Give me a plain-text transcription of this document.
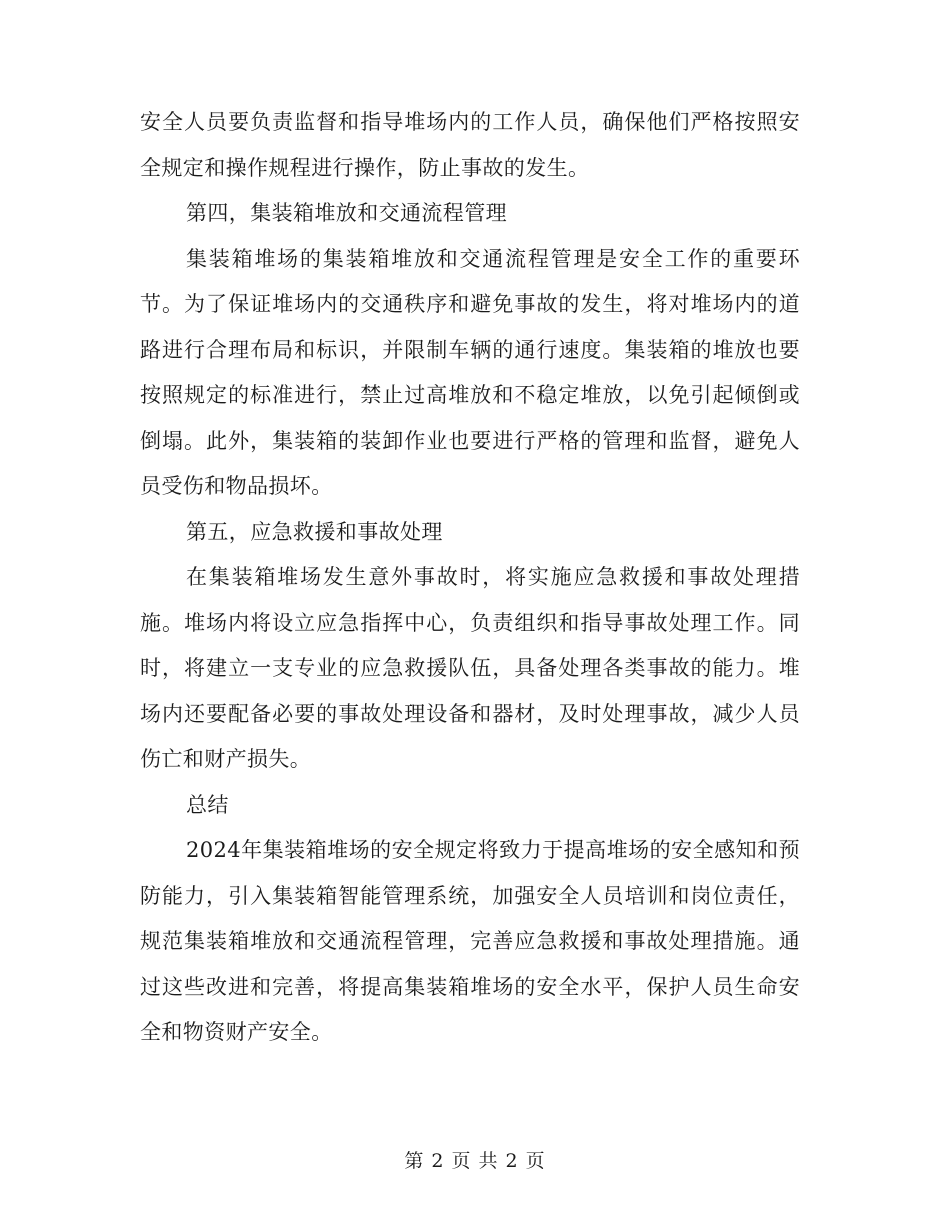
安全人员要负责监督和指导堆场内的工作人员，确保他们严格按照安全规定和操作规程进行操作，防止事故的发生。

第四，集装箱堆放和交通流程管理

集装箱堆场的集装箱堆放和交通流程管理是安全工作的重要环节。为了保证堆场内的交通秩序和避免事故的发生，将对堆场内的道路进行合理布局和标识，并限制车辆的通行速度。集装箱的堆放也要按照规定的标准进行，禁止过高堆放和不稳定堆放，以免引起倾倒或倒塌。此外，集装箱的装卸作业也要进行严格的管理和监督，避免人员受伤和物品损坏。

第五，应急救援和事故处理

在集装箱堆场发生意外事故时，将实施应急救援和事故处理措施。堆场内将设立应急指挥中心，负责组织和指导事故处理工作。同时，将建立一支专业的应急救援队伍，具备处理各类事故的能力。堆场内还要配备必要的事故处理设备和器材，及时处理事故，减少人员伤亡和财产损失。

总结

2024年集装箱堆场的安全规定将致力于提高堆场的安全感知和预防能力，引入集装箱智能管理系统，加强安全人员培训和岗位责任，规范集装箱堆放和交通流程管理，完善应急救援和事故处理措施。通过这些改进和完善，将提高集装箱堆场的安全水平，保护人员生命安全和物资财产安全。

第 2 页 共 2 页
